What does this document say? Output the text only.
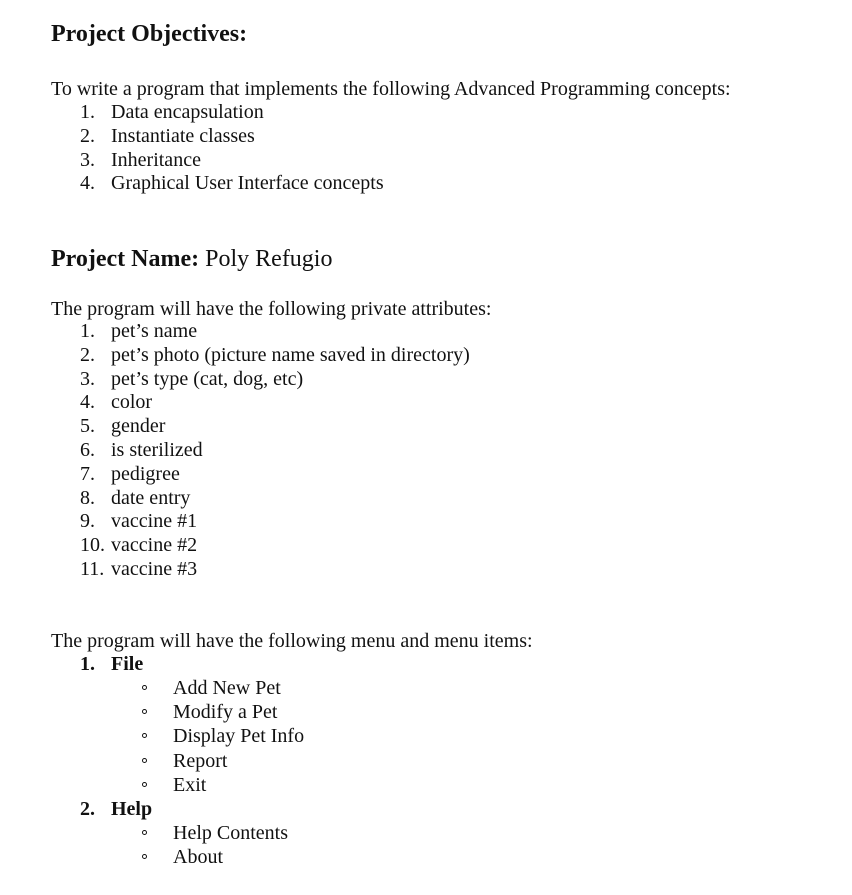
Project Objectives:
To write a program that implements the following Advanced Programming concepts:
1. Data encapsulation
2. Instantiate classes
3. Inheritance
4. Graphical User Interface concepts
Project Name: Poly Refugio
The program will have the following private attributes:
1. pet’s name
2. pet’s photo (picture name saved in directory)
3. pet’s type (cat, dog, etc)
4. color
5. gender
6. is sterilized
7. pedigree
8. date entry
9. vaccine #1
10. vaccine #2
11. vaccine #3
The program will have the following menu and menu items:
1. File
Add New Pet
Modify a Pet
Display Pet Info
Report
Exit
2. Help
Help Contents
About
